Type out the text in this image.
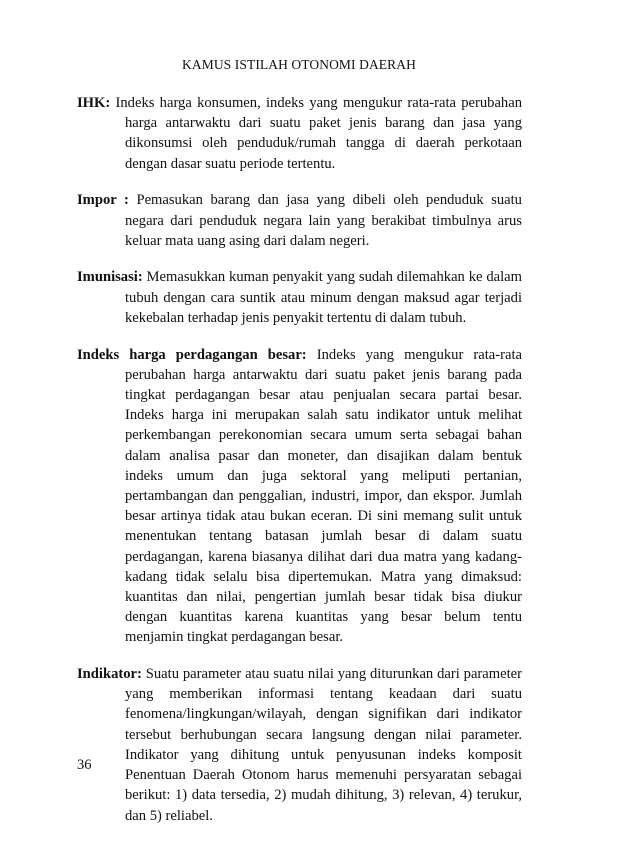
KAMUS ISTILAH OTONOMI DAERAH

IHK: Indeks harga konsumen, indeks yang mengukur rata-rata perubahan harga antarwaktu dari suatu paket jenis barang dan jasa yang dikonsumsi oleh penduduk/rumah tangga di daerah perkotaan dengan dasar suatu periode tertentu.

Impor : Pemasukan barang dan jasa yang dibeli oleh penduduk suatu negara dari penduduk negara lain yang berakibat timbulnya arus keluar mata uang asing dari dalam negeri.

Imunisasi: Memasukkan kuman penyakit yang sudah dilemahkan ke dalam tubuh dengan cara suntik atau minum dengan maksud agar terjadi kekebalan terhadap jenis penyakit tertentu di dalam tubuh.

Indeks harga perdagangan besar: Indeks yang mengukur rata-rata perubahan harga antarwaktu dari suatu paket jenis barang pada tingkat perdagangan besar atau penjualan secara partai besar. Indeks harga ini merupakan salah satu indikator untuk melihat perkembangan perekonomian secara umum serta sebagai bahan dalam analisa pasar dan moneter, dan disajikan dalam bentuk indeks umum dan juga sektoral yang meliputi pertanian, pertambangan dan penggalian, industri, impor, dan ekspor. Jumlah besar artinya tidak atau bukan eceran. Di sini memang sulit untuk menentukan tentang batasan jumlah besar di dalam suatu perdagangan, karena biasanya dilihat dari dua matra yang kadang-kadang tidak selalu bisa dipertemukan. Matra yang dimaksud: kuantitas dan nilai, pengertian jumlah besar tidak bisa diukur dengan kuantitas karena kuantitas yang besar belum tentu menjamin tingkat perdagangan besar.

Indikator: Suatu parameter atau suatu nilai yang diturunkan dari parameter yang memberikan informasi tentang keadaan dari suatu fenomena/lingkungan/wilayah, dengan signifikan dari indikator tersebut berhubungan secara langsung dengan nilai parameter. Indikator yang dihitung untuk penyusunan indeks komposit Penentuan Daerah Otonom harus memenuhi persyaratan sebagai berikut: 1) data tersedia, 2) mudah dihitung, 3) relevan, 4) terukur, dan 5) reliabel.

36
